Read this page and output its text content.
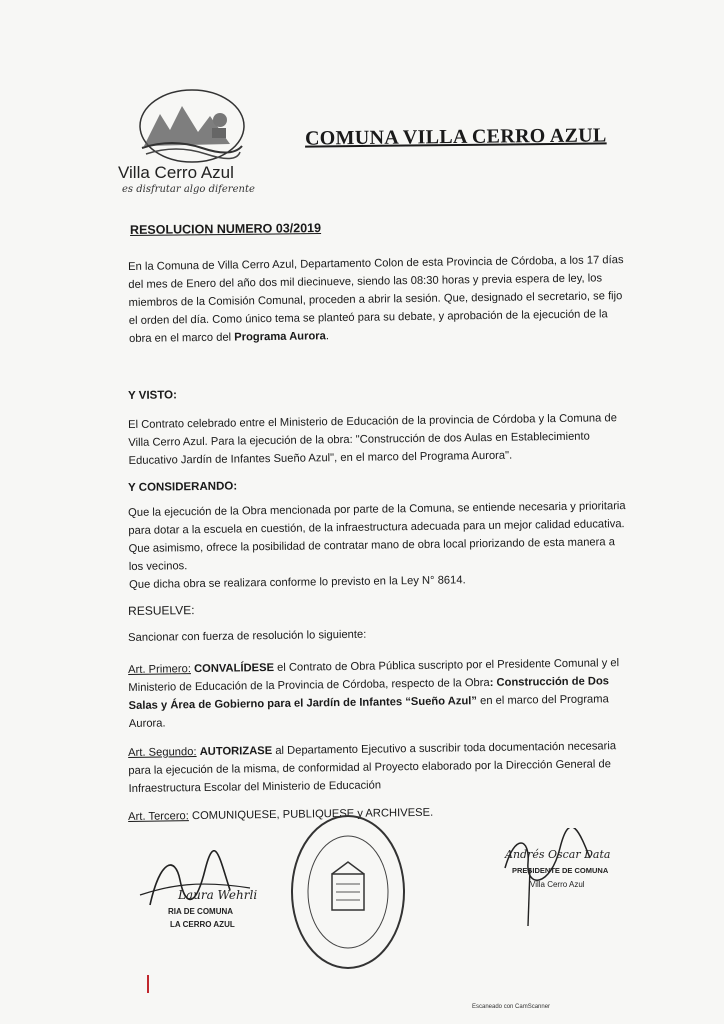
Villa Cerro Azul
es disfrutar algo diferente
COMUNA VILLA CERRO AZUL
RESOLUCION NUMERO 03/2019
En la Comuna de Villa Cerro Azul, Departamento Colon de esta Provincia de Córdoba, a los 17 días
del mes de Enero del año dos mil diecinueve, siendo las 08:30 horas y previa espera de ley, los
miembros de la Comisión Comunal, proceden a abrir la sesión. Que, designado el secretario, se fijo
el orden del día. Como único tema se planteó para su debate, y aprobación de la ejecución de la
obra en el marco del Programa Aurora.
Y VISTO:
El Contrato celebrado entre el Ministerio de Educación de la provincia de Córdoba y la Comuna de
Villa Cerro Azul. Para la ejecución de la obra: "Construcción de dos Aulas en Establecimiento
Educativo Jardín de Infantes Sueño Azul", en el marco del Programa Aurora".
Y CONSIDERANDO:
Que la ejecución de la Obra mencionada por parte de la Comuna, se entiende necesaria y prioritaria
para dotar a la escuela en cuestión, de la infraestructura adecuada para un mejor calidad educativa.
Que asimismo, ofrece la posibilidad de contratar mano de obra local priorizando de esta manera a
los vecinos.
Que dicha obra se realizara conforme lo previsto en la Ley N° 8614.
RESUELVE:
Sancionar con fuerza de resolución lo siguiente:
Art. Primero: CONVALÍDESE el Contrato de Obra Pública suscripto por el Presidente Comunal y el
Ministerio de Educación de la Provincia de Córdoba, respecto de la Obra: Construcción de Dos
Salas y Área de Gobierno para el Jardín de Infantes “Sueño Azul” en el marco del Programa
Aurora.
Art. Segundo: AUTORIZASE al Departamento Ejecutivo a suscribir toda documentación necesaria
para la ejecución de la misma, de conformidad al Proyecto elaborado por la Dirección General de
Infraestructura Escolar del Ministerio de Educación
Art. Tercero: COMUNIQUESE, PUBLIQUESE y ARCHIVESE.
Laura Wehrli
RIA DE COMUNA
LA CERRO AZUL
Andrés Oscar Data
PRESIDENTE DE COMUNA
Villa Cerro Azul
Escaneado con CamScanner
